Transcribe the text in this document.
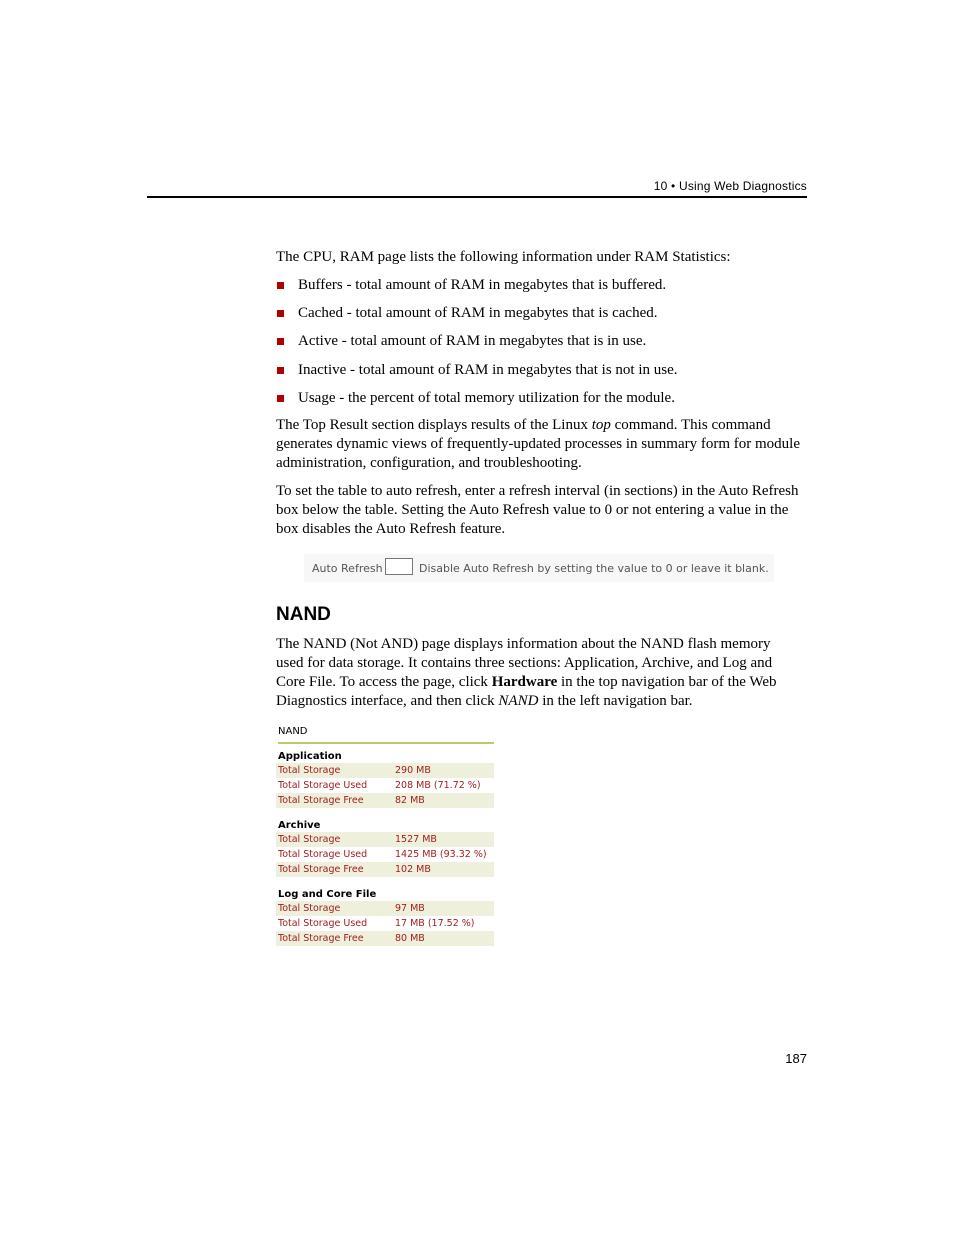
10 • Using Web Diagnostics

The CPU, RAM page lists the following information under RAM Statistics:

Buffers - total amount of RAM in megabytes that is buffered.
Cached - total amount of RAM in megabytes that is cached.
Active - total amount of RAM in megabytes that is in use.
Inactive - total amount of RAM in megabytes that is not in use.
Usage - the percent of total memory utilization for the module.

The Top Result section displays results of the Linux top command. This command generates dynamic views of frequently-updated processes in summary form for module administration, configuration, and troubleshooting.

To set the table to auto refresh, enter a refresh interval (in sections) in the Auto Refresh box below the table. Setting the Auto Refresh value to 0 or not entering a value in the box disables the Auto Refresh feature.

Auto Refresh	Disable Auto Refresh by setting the value to 0 or leave it blank.
NAND

The NAND (Not AND) page displays information about the NAND flash memory used for data storage. It contains three sections: Application, Archive, and Log and Core File. To access the page, click Hardware in the top navigation bar of the Web Diagnostics interface, and then click NAND in the left navigation bar.

NAND
Application
Total Storage	290 MB
Total Storage Used	208 MB (71.72 %)
Total Storage Free	82 MB
Archive
Total Storage	1527 MB
Total Storage Used	1425 MB (93.32 %)
Total Storage Free	102 MB
Log and Core File
Total Storage	97 MB
Total Storage Used	17 MB (17.52 %)
Total Storage Free	80 MB
187
